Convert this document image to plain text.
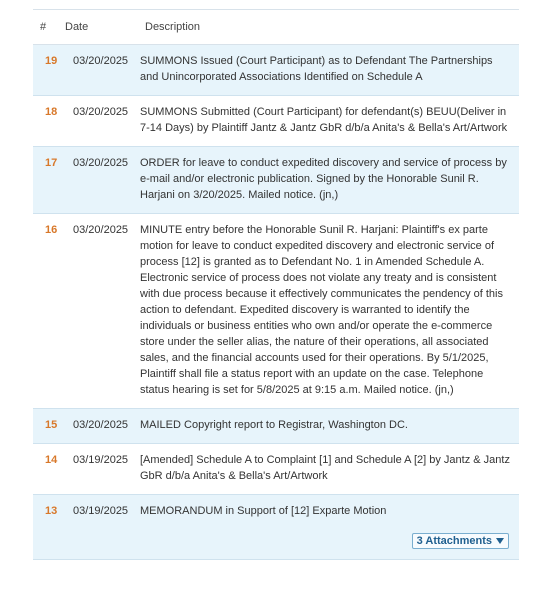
#	Date	Description
19	03/20/2025	SUMMONS Issued (Court Participant) as to Defendant The Partnerships and Unincorporated Associations Identified on Schedule A
18	03/20/2025	SUMMONS Submitted (Court Participant) for defendant(s) BEUU(Deliver in 7-14 Days) by Plaintiff Jantz & Jantz GbR d/b/a Anita's & Bella's Art/Artwork
17	03/20/2025	ORDER for leave to conduct expedited discovery and service of process by e-mail and/or electronic publication. Signed by the Honorable Sunil R. Harjani on 3/20/2025. Mailed notice. (jn,)
16	03/20/2025	MINUTE entry before the Honorable Sunil R. Harjani: Plaintiff's ex parte motion for leave to conduct expedited discovery and electronic service of process [12] is granted as to Defendant No. 1 in Amended Schedule A. Electronic service of process does not violate any treaty and is consistent with due process because it effectively communicates the pendency of this action to defendant. Expedited discovery is warranted to identify the individuals or business entities who own and/or operate the e-commerce store under the seller alias, the nature of their operations, all associated sales, and the financial accounts used for their operations. By 5/1/2025, Plaintiff shall file a status report with an update on the case. Telephone status hearing is set for 5/8/2025 at 9:15 a.m. Mailed notice. (jn,)
15	03/20/2025	MAILED Copyright report to Registrar, Washington DC.
14	03/19/2025	[Amended] Schedule A to Complaint [1] and Schedule A [2] by Jantz & Jantz GbR d/b/a Anita's & Bella's Art/Artwork
13	03/19/2025	MEMORANDUM in Support of [12] Exparte Motion
3 Attachments
